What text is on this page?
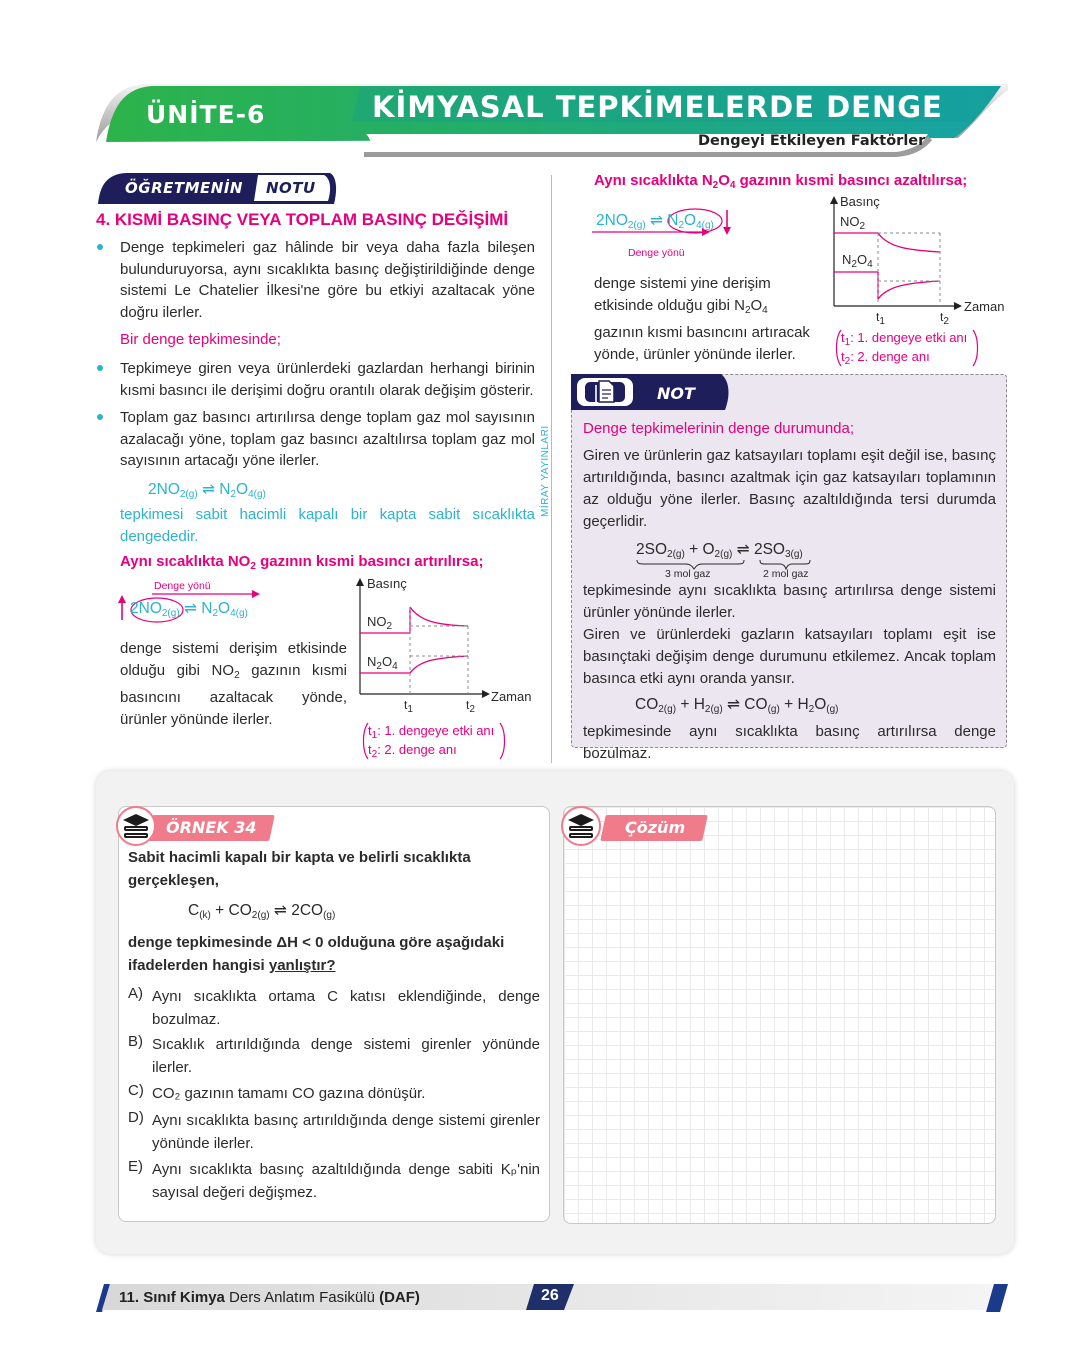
ÜNİTE-6	KİMYASAL TEPKİMELERDE DENGE
Dengeyi Etkileyen Faktörler
ÖĞRETMENİN NOTU
4. KISMİ BASINÇ VEYA TOPLAM BASINÇ DEĞİŞİMİ
Denge tepkimeleri gaz hâlinde bir veya daha fazla bileşen bulunduruyorsa, aynı sıcaklıkta basınç değiştirildiğinde denge sistemi Le Chatelier İlkesi'ne göre bu etkiyi azaltacak yöne doğru ilerler.
Bir denge tepkimesinde;
Tepkimeye giren veya ürünlerdeki gazlardan herhangi birinin kısmi basıncı ile derişimi doğru orantılı olarak değişim gösterir.
Toplam gaz basıncı artırılırsa denge toplam gaz mol sayısının azalacağı yöne, toplam gaz basıncı azaltılırsa toplam gaz mol sayısının artacağı yöne ilerler.
$2NO_{2(g)}$ ⇌ $N_2O_{4(g)}$
tepkimesi sabit hacimli kapalı bir kapta sabit sıcaklıkta dengededir.
Aynı sıcaklıkta $NO_2$ gazının kısmi basıncı artırılırsa;
Denge yönü
$2NO_{2(g)}$ ⇌ $N_2O_{4(g)}$
denge sistemi derişim etkisinde olduğu gibi $NO_2$ gazının kısmi basıncını azaltacak yönde, ürünler yönünde ilerler.
Basınç
$NO_2$
$N_2O_4$
$t_1$	$t_2$
Zaman
$t_1$: 1. dengeye etki anı
$t_2$: 2. denge anı
MİRAY YAYINLARI
Aynı sıcaklıkta $N_2O_4$ gazının kısmi basıncı azaltılırsa;
$2NO_{2(g)}$ ⇌ $N_2O_{4(g)}$
Denge yönü
denge sistemi yine derişim etkisinde olduğu gibi $N_2O_4$ gazının kısmi basıncını artıracak yönde, ürünler yönünde ilerler.
Basınç
$NO_2$
$N_2O_4$
$t_1$	$t_2$
Zaman
$t_1$: 1. dengeye etki anı
$t_2$: 2. denge anı
NOT
Denge tepkimelerinin denge durumunda;
Giren ve ürünlerin gaz katsayıları toplamı eşit değil ise, basınç artırıldığında, basıncı azaltmak için gaz katsayıları toplamının az olduğu yöne ilerler. Basınç azaltıldığında tersi durumda geçerlidir.
$2SO_{2(g)} + O_{2(g)}$ ⇌ $2SO_{3(g)}$
3 mol gaz	2 mol gaz
tepkimesinde aynı sıcaklıkta basınç artırılırsa denge sistemi ürünler yönünde ilerler.
Giren ve ürünlerdeki gazların katsayıları toplamı eşit ise basınçtaki değişim denge durumunu etkilemez. Ancak toplam basınca etki aynı oranda yansır.
$CO_{2(g)} + H_{2(g)}$ ⇌ $CO_{(g)} + H_2O_{(g)}$
tepkimesinde aynı sıcaklıkta basınç artırılırsa denge bozulmaz.
ÖRNEK 34	Çözüm
Sabit hacimli kapalı bir kapta ve belirli sıcaklıkta gerçekleşen,
$C_{(k)} + CO_{2(g)}$ ⇌ $2CO_{(g)}$
denge tepkimesinde ΔH < 0 olduğuna göre aşağıdaki ifadelerden hangisi yanlıştır?
A) Aynı sıcaklıkta ortama C katısı eklendiğinde, denge bozulmaz.
B) Sıcaklık artırıldığında denge sistemi girenler yönünde ilerler.
C) CO₂ gazının tamamı CO gazına dönüşür.
D) Aynı sıcaklıkta basınç artırıldığında denge sistemi girenler yönünde ilerler.
E) Aynı sıcaklıkta basınç azaltıldığında denge sabiti Kₚ'nin sayısal değeri değişmez.
11. Sınıf Kimya Ders Anlatım Fasikülü (DAF)	26
